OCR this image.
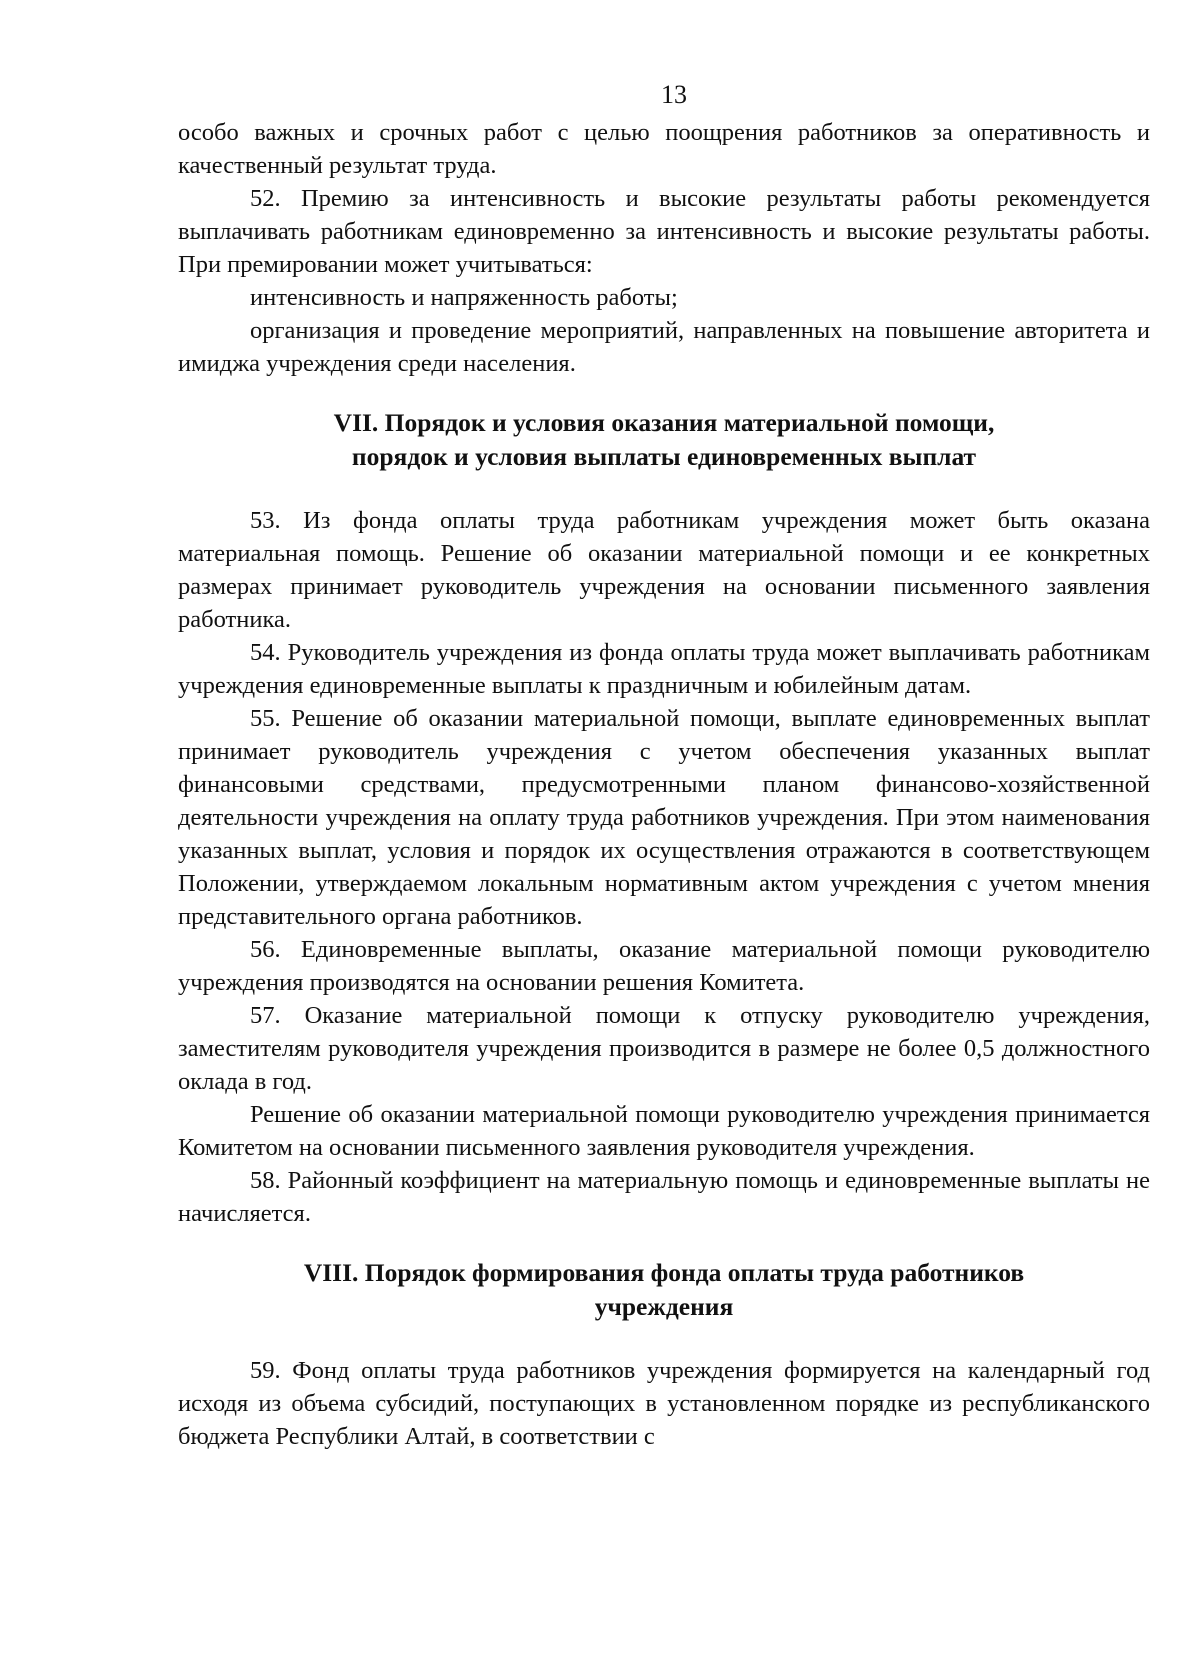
13

особо важных и срочных работ с целью поощрения работников за оперативность и качественный результат труда.

52. Премию за интенсивность и высокие результаты работы рекомендуется выплачивать работникам единовременно за интенсивность и высокие результаты работы. При премировании может учитываться:

интенсивность и напряженность работы;

организация и проведение мероприятий, направленных на повышение авторитета и имиджа учреждения среди населения.

VII. Порядок и условия оказания материальной помощи,
порядок и условия выплаты единовременных выплат

53. Из фонда оплаты труда работникам учреждения может быть оказана материальная помощь. Решение об оказании материальной помощи и ее конкретных размерах принимает руководитель учреждения на основании письменного заявления работника.

54. Руководитель учреждения из фонда оплаты труда может выплачивать работникам учреждения единовременные выплаты к праздничным и юбилейным датам.

55. Решение об оказании материальной помощи, выплате единовременных выплат принимает руководитель учреждения с учетом обеспечения указанных выплат финансовыми средствами, предусмотренными планом финансово-хозяйственной деятельности учреждения на оплату труда работников учреждения. При этом наименования указанных выплат, условия и порядок их осуществления отражаются в соответствующем Положении, утверждаемом локальным нормативным актом учреждения с учетом мнения представительного органа работников.

56. Единовременные выплаты, оказание материальной помощи руководителю учреждения производятся на основании решения Комитета.

57. Оказание материальной помощи к отпуску руководителю учреждения, заместителям руководителя учреждения производится в размере не более 0,5 должностного оклада в год.

Решение об оказании материальной помощи руководителю учреждения принимается Комитетом на основании письменного заявления руководителя учреждения.

58. Районный коэффициент на материальную помощь и единовременные выплаты не начисляется.

VIII. Порядок формирования фонда оплаты труда работников
учреждения

59. Фонд оплаты труда работников учреждения формируется на календарный год исходя из объема субсидий, поступающих в установленном порядке из республиканского бюджета Республики Алтай, в соответствии с
